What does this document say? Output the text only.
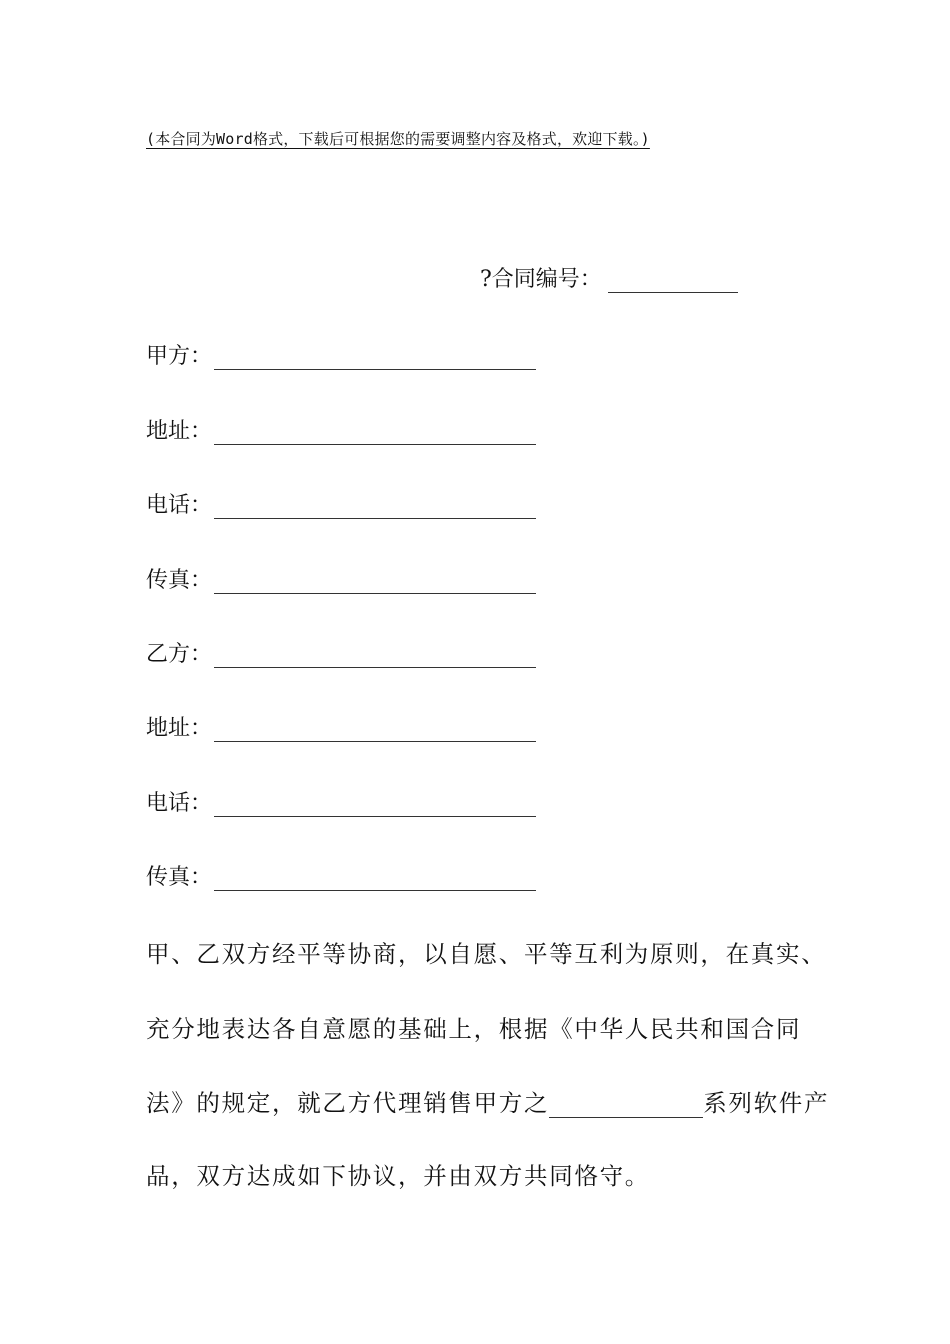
(本合同为Word格式，下载后可根据您的需要调整内容及格式，欢迎下载。)
?合同编号：
甲方：
地址：
电话：
传真：
乙方：
地址：
电话：
传真：
甲、乙双方经平等协商，以自愿、平等互利为原则，在真实、
充分地表达各自意愿的基础上，根据《中华人民共和国合同
法》的规定，就乙方代理销售甲方之	系列软件产
品，双方达成如下协议，并由双方共同恪守。
